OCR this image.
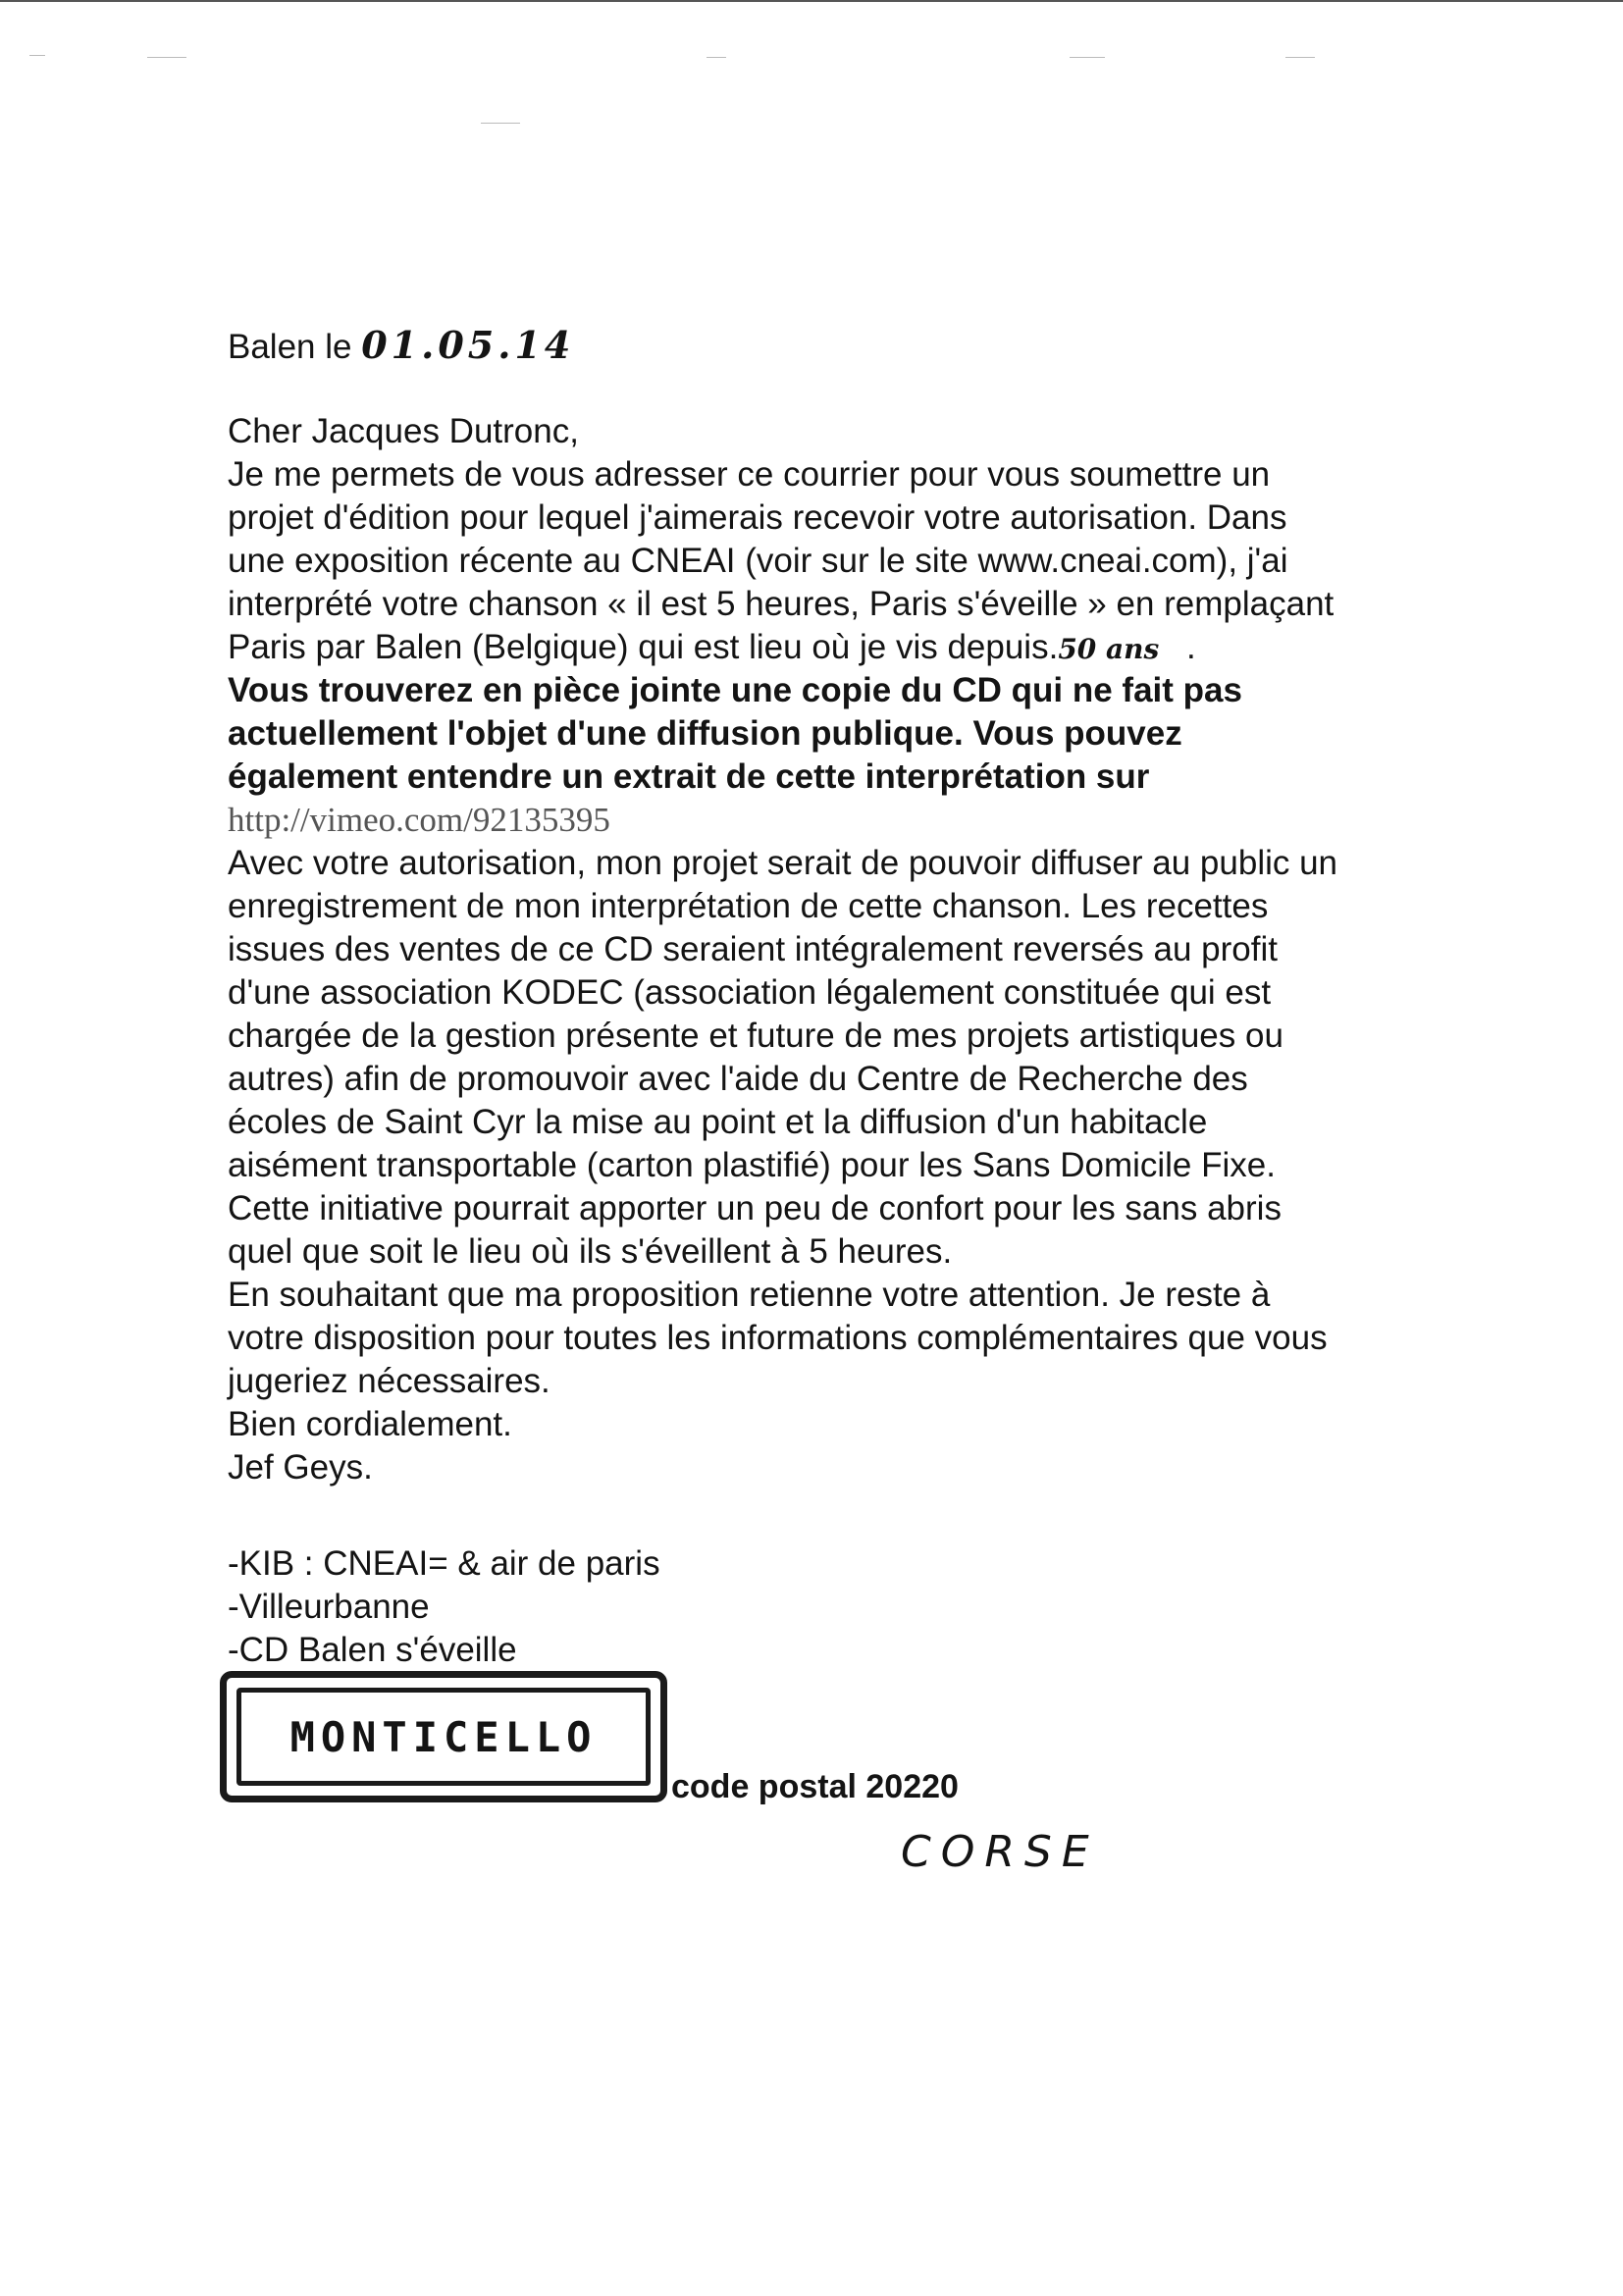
Balen le 01.05.14
Cher Jacques Dutronc,
Je me permets de vous adresser ce courrier pour vous soumettre un
projet d'édition pour lequel j'aimerais recevoir votre autorisation. Dans
une exposition récente au CNEAI (voir sur le site www.cneai.com), j'ai
interprété votre chanson « il est 5 heures, Paris s'éveille » en remplaçant
Paris par Balen (Belgique) qui est lieu où je vis depuis.50 ans .
Vous trouverez en pièce jointe une copie du CD qui ne fait pas
actuellement l'objet d'une diffusion publique. Vous pouvez
également entendre un extrait de cette interprétation sur
http://vimeo.com/92135395
Avec votre autorisation, mon projet serait de pouvoir diffuser au public un
enregistrement de mon interprétation de cette chanson. Les recettes
issues des ventes de ce CD seraient intégralement reversés au profit
d'une association KODEC (association légalement constituée qui est
chargée de la gestion présente et future de mes projets artistiques ou
autres) afin de promouvoir avec l'aide du Centre de Recherche des
écoles de Saint Cyr la mise au point et la diffusion d'un habitacle
aisément transportable (carton plastifié) pour les Sans Domicile Fixe.
Cette initiative pourrait apporter un peu de confort pour les sans abris
quel que soit le lieu où ils s'éveillent à 5 heures.
En souhaitant que ma proposition retienne votre attention. Je reste à
votre disposition pour toutes les informations complémentaires que vous
jugeriez nécessaires.
Bien cordialement.
Jef Geys.
-KIB : CNEAI= & air de paris
-Villeurbanne
-CD Balen s'éveille
MONTICELLO
code postal 20220
CORSE
